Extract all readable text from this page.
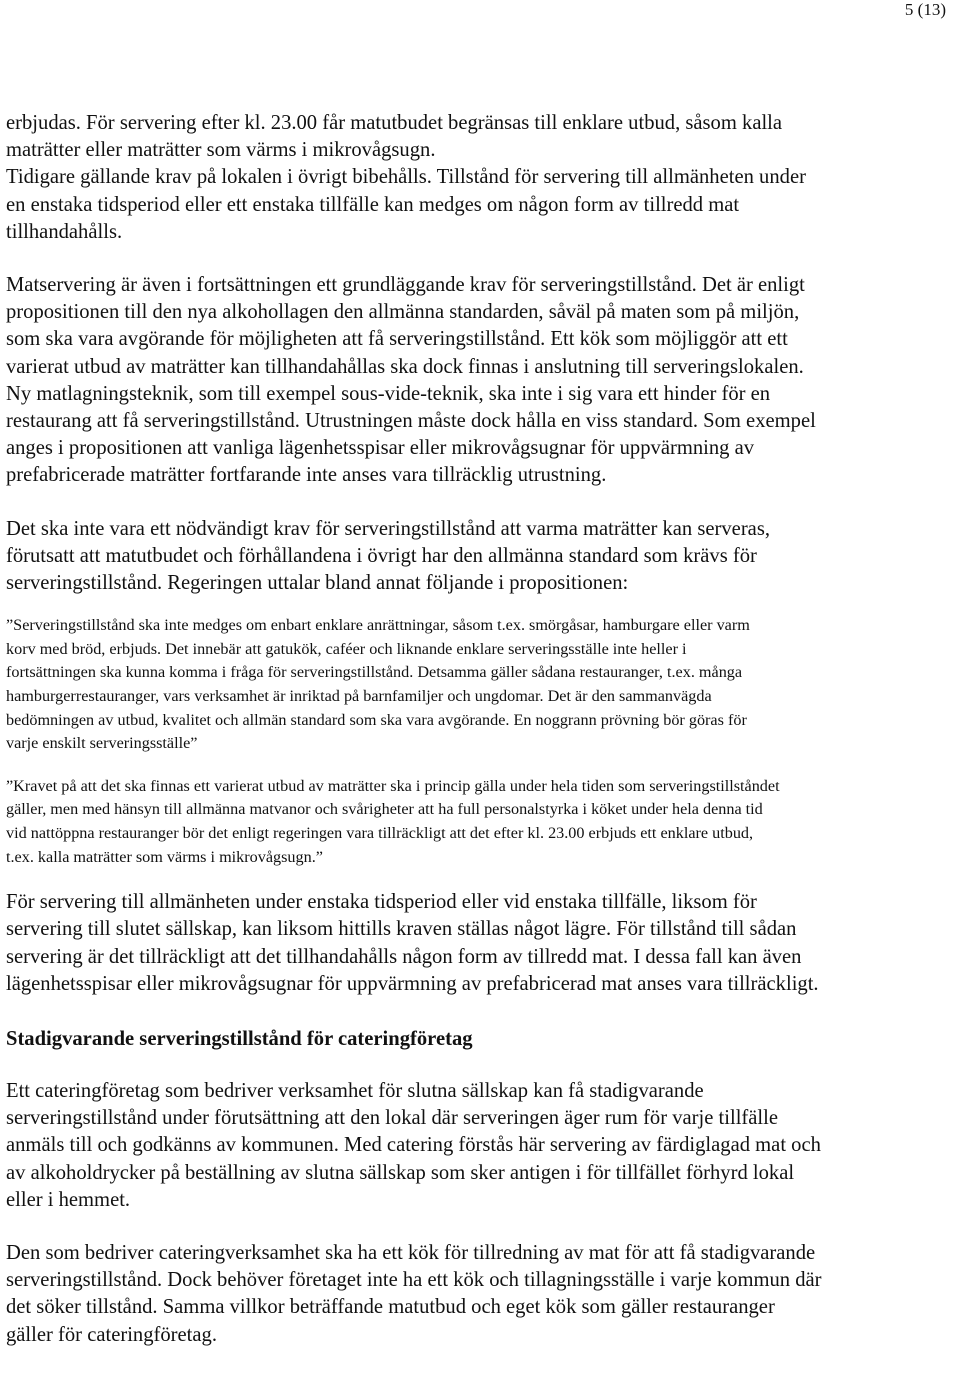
5 (13)

erbjudas. För servering efter kl. 23.00 får matutbudet begränsas till enklare utbud, såsom kalla
maträtter eller maträtter som värms i mikrovågsugn.
Tidigare gällande krav på lokalen i övrigt bibehålls. Tillstånd för servering till allmänheten under
en enstaka tidsperiod eller ett enstaka tillfälle kan medges om någon form av tillredd mat
tillhandahålls.

Matservering är även i fortsättningen ett grundläggande krav för serveringstillstånd. Det är enligt
propositionen till den nya alkohollagen den allmänna standarden, såväl på maten som på miljön,
som ska vara avgörande för möjligheten att få serveringstillstånd. Ett kök som möjliggör att ett
varierat utbud av maträtter kan tillhandahållas ska dock finnas i anslutning till serveringslokalen.
Ny matlagningsteknik, som till exempel sous-vide-teknik, ska inte i sig vara ett hinder för en
restaurang att få serveringstillstånd. Utrustningen måste dock hålla en viss standard. Som exempel
anges i propositionen att vanliga lägenhetsspisar eller mikrovågsugnar för uppvärmning av
prefabricerade maträtter fortfarande inte anses vara tillräcklig utrustning.

Det ska inte vara ett nödvändigt krav för serveringstillstånd att varma maträtter kan serveras,
förutsatt att matutbudet och förhållandena i övrigt har den allmänna standard som krävs för
serveringstillstånd. Regeringen uttalar bland annat följande i propositionen:

”Serveringstillstånd ska inte medges om enbart enklare anrättningar, såsom t.ex. smörgåsar, hamburgare eller varm
korv med bröd, erbjuds. Det innebär att gatukök, caféer och liknande enklare serveringsställe inte heller i
fortsättningen ska kunna komma i fråga för serveringstillstånd. Detsamma gäller sådana restauranger, t.ex. många
hamburgerrestauranger, vars verksamhet är inriktad på barnfamiljer och ungdomar. Det är den sammanvägda
bedömningen av utbud, kvalitet och allmän standard som ska vara avgörande. En noggrann prövning bör göras för
varje enskilt serveringsställe”

”Kravet på att det ska finnas ett varierat utbud av maträtter ska i princip gälla under hela tiden som serveringstillståndet
gäller, men med hänsyn till allmänna matvanor och svårigheter att ha full personalstyrka i köket under hela denna tid
vid nattöppna restauranger bör det enligt regeringen vara tillräckligt att det efter kl. 23.00 erbjuds ett enklare utbud,
t.ex. kalla maträtter som värms i mikrovågsugn.”

För servering till allmänheten under enstaka tidsperiod eller vid enstaka tillfälle, liksom för
servering till slutet sällskap, kan liksom hittills kraven ställas något lägre. För tillstånd till sådan
servering är det tillräckligt att det tillhandahålls någon form av tillredd mat. I dessa fall kan även
lägenhetsspisar eller mikrovågsugnar för uppvärmning av prefabricerad mat anses vara tillräckligt.

Stadigvarande serveringstillstånd för cateringföretag

Ett cateringföretag som bedriver verksamhet för slutna sällskap kan få stadigvarande
serveringstillstånd under förutsättning att den lokal där serveringen äger rum för varje tillfälle
anmäls till och godkänns av kommunen. Med catering förstås här servering av färdiglagad mat och
av alkoholdrycker på beställning av slutna sällskap som sker antigen i för tillfället förhyrd lokal
eller i hemmet.

Den som bedriver cateringverksamhet ska ha ett kök för tillredning av mat för att få stadigvarande
serveringstillstånd. Dock behöver företaget inte ha ett kök och tillagningsställe i varje kommun där
det söker tillstånd. Samma villkor beträffande matutbud och eget kök som gäller restauranger
gäller för cateringföretag.
